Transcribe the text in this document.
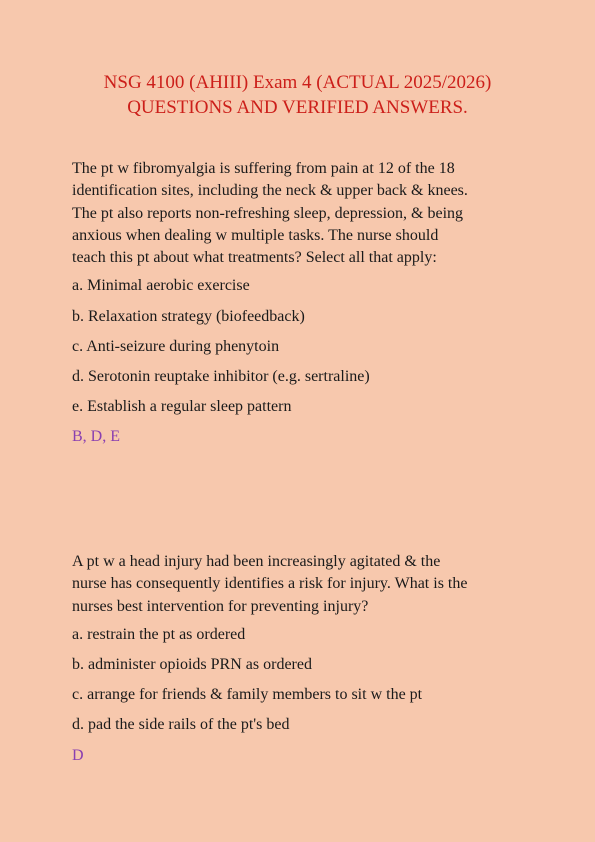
NSG 4100 (AHIII) Exam 4 (ACTUAL 2025/2026)
QUESTIONS AND VERIFIED ANSWERS.
The pt w fibromyalgia is suffering from pain at 12 of the 18
identification sites, including the neck & upper back & knees.
The pt also reports non-refreshing sleep, depression, & being
anxious when dealing w multiple tasks. The nurse should
teach this pt about what treatments? Select all that apply:
a. Minimal aerobic exercise
b. Relaxation strategy (biofeedback)
c. Anti-seizure during phenytoin
d. Serotonin reuptake inhibitor (e.g. sertraline)
e. Establish a regular sleep pattern
B, D, E
A pt w a head injury had been increasingly agitated & the
nurse has consequently identifies a risk for injury. What is the
nurses best intervention for preventing injury?
a. restrain the pt as ordered
b. administer opioids PRN as ordered
c. arrange for friends & family members to sit w the pt
d. pad the side rails of the pt's bed
D
